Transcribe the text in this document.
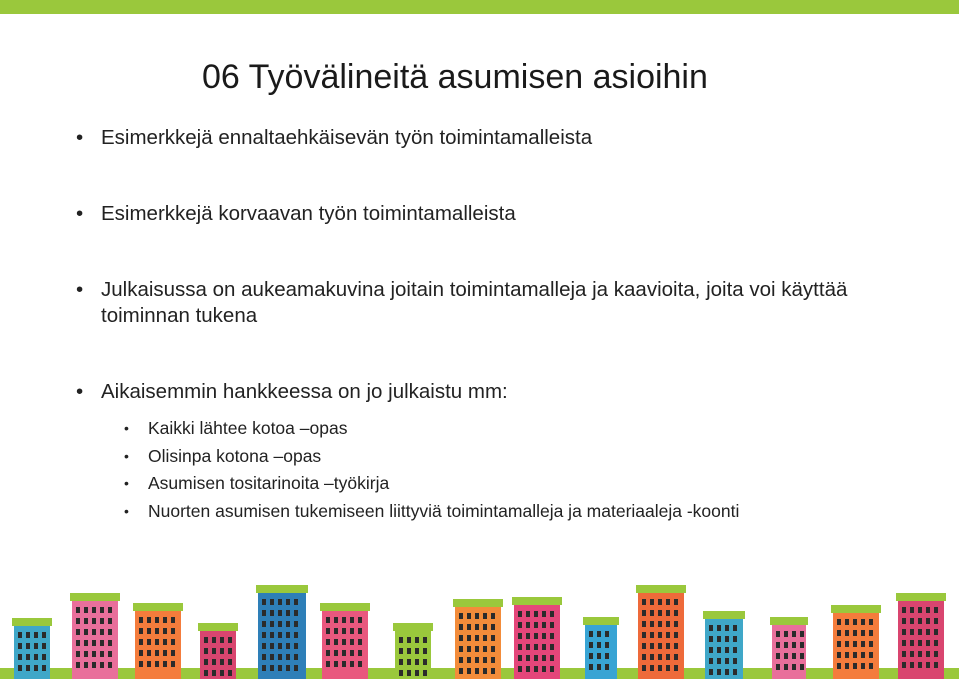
06 Työvälineitä asumisen asioihin
• Esimerkkejä ennaltaehkäisevän työn toimintamalleista
• Esimerkkejä korvaavan työn toimintamalleista
• Julkaisussa on aukeamakuvina joitain toimintamalleja ja kaavioita, joita voi käyttää toiminnan tukena
• Aikaisemmin hankkeessa on jo julkaistu mm:
• Kaikki lähtee kotoa –opas
• Olisinpa kotona –opas
• Asumisen tositarinoita –työkirja
• Nuorten asumisen tukemiseen liittyviä toimintamalleja ja materiaaleja -koonti
